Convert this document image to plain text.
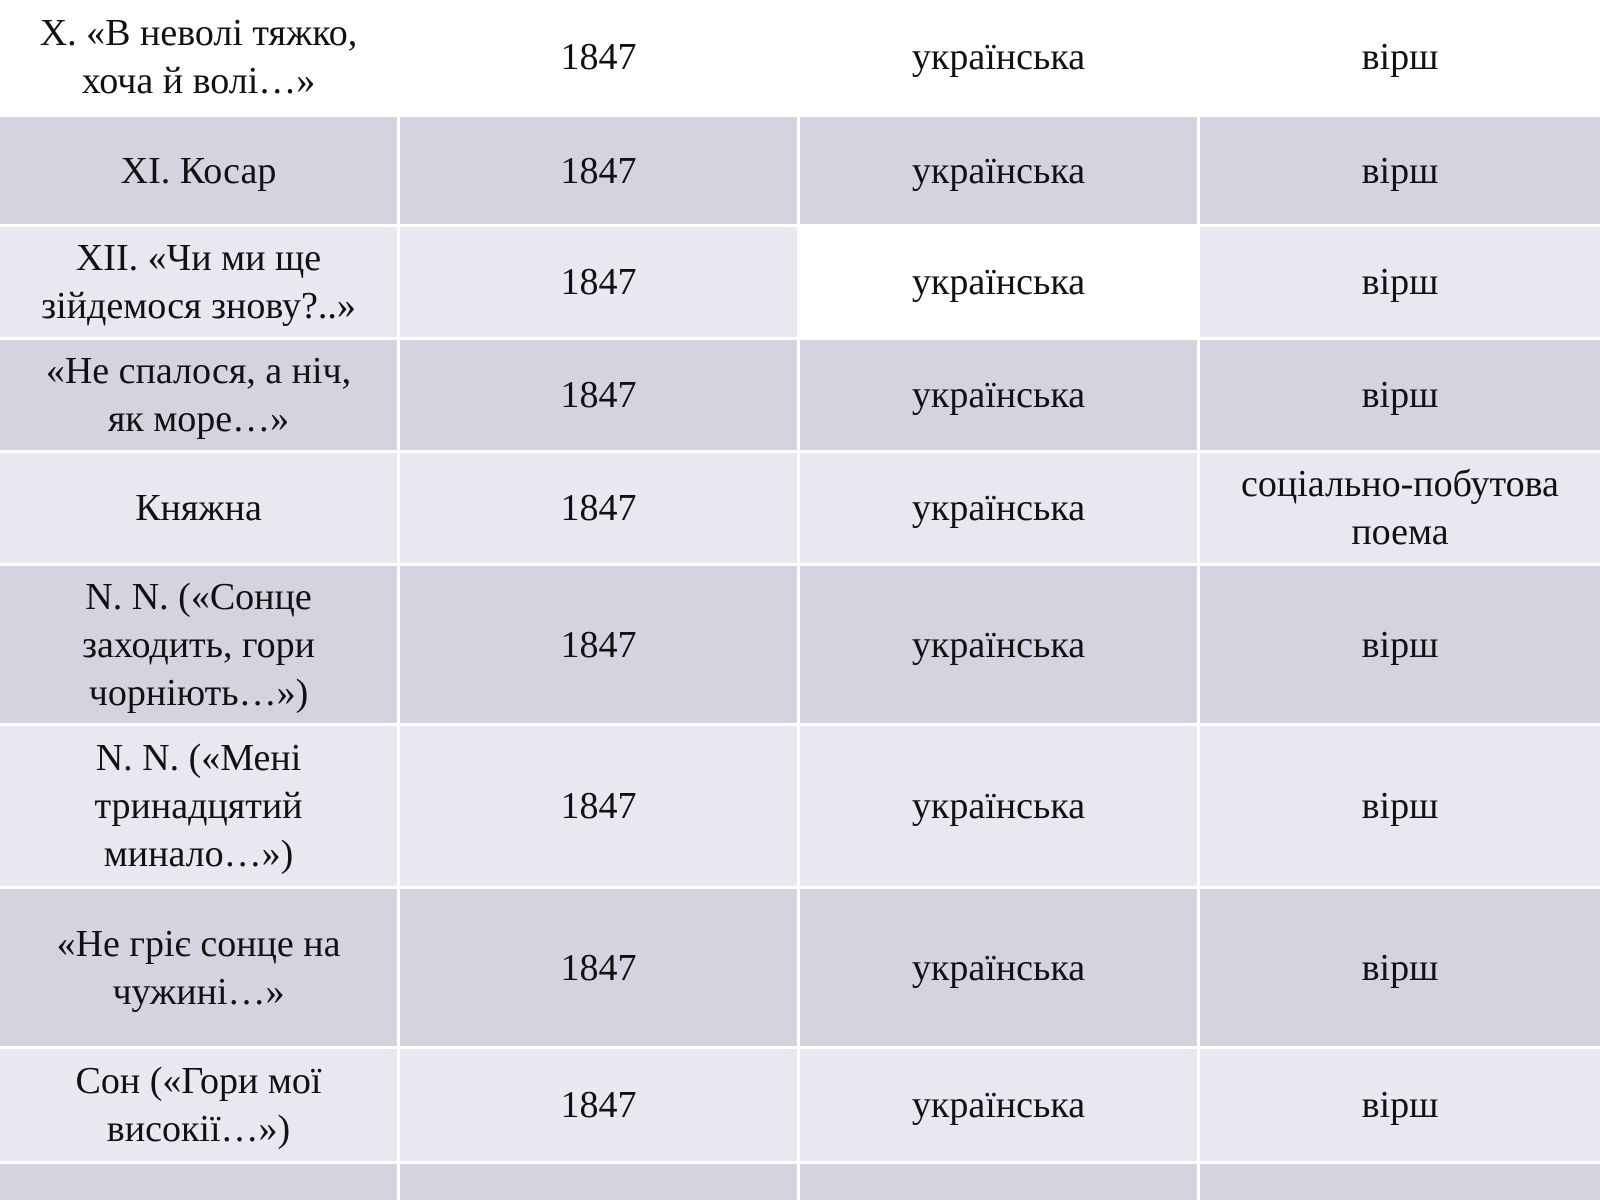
X. «В неволі тяжко,
хоча й волі…»	1847	українська	вірш
XI. Косар	1847	українська	вірш
XII. «Чи ми ще
зійдемося знову?..»	1847	українська	вірш
«Не спалося, а ніч,
як море…»	1847	українська	вірш
Княжна	1847	українська	соціально-побутова
поема
N. N. («Сонце
заходить, гори
чорніють…»)	1847	українська	вірш
N. N. («Мені
тринадцятий
минало…»)	1847	українська	вірш
«Не гріє сонце на
чужині…»	1847	українська	вірш
Сон («Гори мої
високії…»)	1847	українська	вірш
